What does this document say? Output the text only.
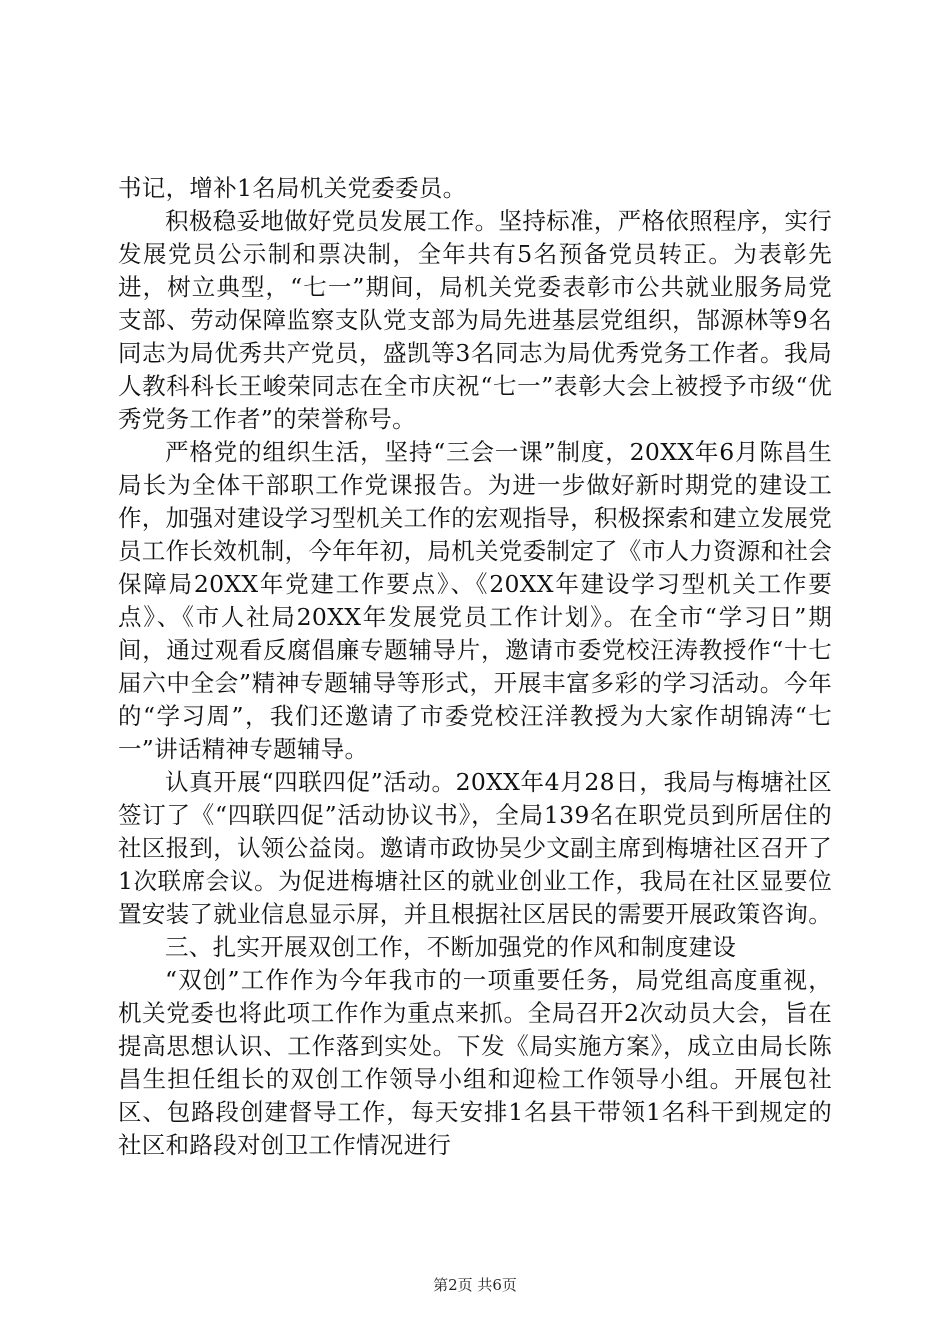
书记，增补1名局机关党委委员。

积极稳妥地做好党员发展工作。坚持标准，严格依照程序，实行发展党员公示制和票决制，全年共有5名预备党员转正。为表彰先进，树立典型，“七一”期间，局机关党委表彰市公共就业服务局党支部、劳动保障监察支队党支部为局先进基层党组织，郜源林等9名同志为局优秀共产党员，盛凯等3名同志为局优秀党务工作者。我局人教科科长王峻荣同志在全市庆祝“七一”表彰大会上被授予市级“优秀党务工作者”的荣誉称号。

严格党的组织生活，坚持“三会一课”制度，20XX年6月陈昌生局长为全体干部职工作党课报告。为进一步做好新时期党的建设工作，加强对建设学习型机关工作的宏观指导，积极探索和建立发展党员工作长效机制，今年年初，局机关党委制定了《市人力资源和社会保障局20XX年党建工作要点》、《20XX年建设学习型机关工作要点》、《市人社局20XX年发展党员工作计划》。在全市“学习日”期间，通过观看反腐倡廉专题辅导片，邀请市委党校汪涛教授作“十七届六中全会”精神专题辅导等形式，开展丰富多彩的学习活动。今年的“学习周”，我们还邀请了市委党校汪洋教授为大家作胡锦涛“七一”讲话精神专题辅导。

认真开展“四联四促”活动。20XX年4月28日，我局与梅塘社区签订了《“四联四促”活动协议书》，全局139名在职党员到所居住的社区报到，认领公益岗。邀请市政协吴少文副主席到梅塘社区召开了1次联席会议。为促进梅塘社区的就业创业工作，我局在社区显要位置安装了就业信息显示屏，并且根据社区居民的需要开展政策咨询。

三、扎实开展双创工作，不断加强党的作风和制度建设

“双创”工作作为今年我市的一项重要任务，局党组高度重视，机关党委也将此项工作作为重点来抓。全局召开2次动员大会，旨在提高思想认识、工作落到实处。下发《局实施方案》，成立由局长陈昌生担任组长的双创工作领导小组和迎检工作领导小组。开展包社区、包路段创建督导工作，每天安排1名县干带领1名科干到规定的社区和路段对创卫工作情况进行

第2页 共6页
